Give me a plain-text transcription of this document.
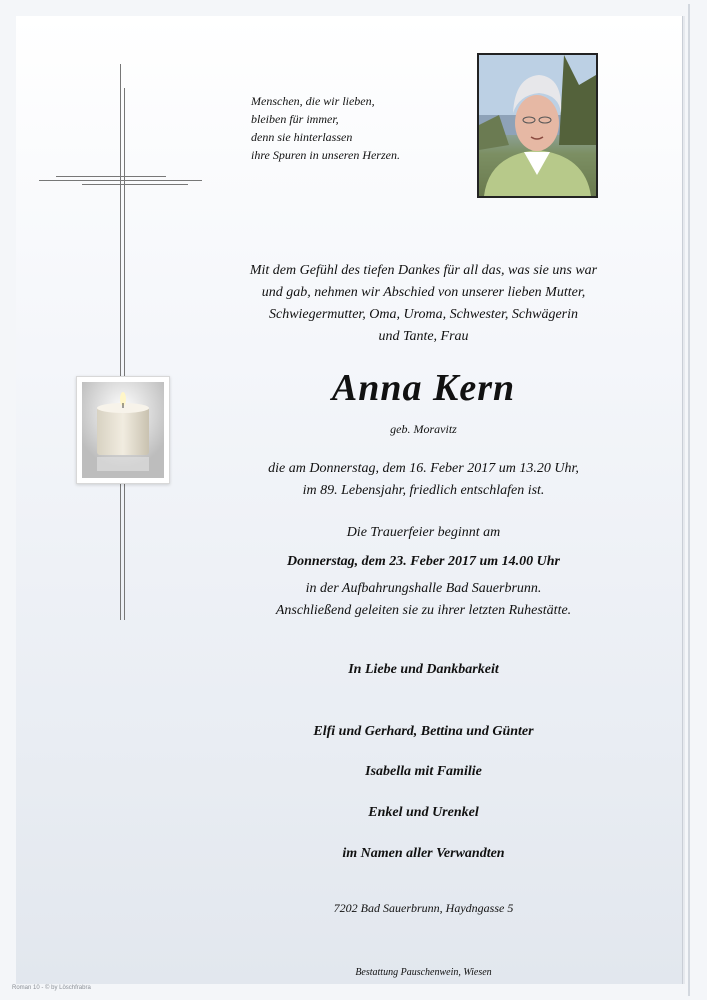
Menschen, die wir lieben,
bleiben für immer,
denn sie hinterlassen
ihre Spuren in unseren Herzen.
Mit dem Gefühl des tiefen Dankes für all das, was sie uns war
und gab, nehmen wir Abschied von unserer lieben Mutter,
Schwiegermutter, Oma, Uroma, Schwester, Schwägerin
und Tante, Frau
Anna Kern
geb. Moravitz
die am Donnerstag, dem 16. Feber 2017 um 13.20 Uhr,
im 89. Lebensjahr, friedlich entschlafen ist.
Die Trauerfeier beginnt am
Donnerstag, dem 23. Feber 2017 um 14.00 Uhr
in der Aufbahrungshalle Bad Sauerbrunn.
Anschließend geleiten sie zu ihrer letzten Ruhestätte.
In Liebe und Dankbarkeit
Elfi und Gerhard, Bettina und Günter
Isabella mit Familie
Enkel und Urenkel
im Namen aller Verwandten
7202 Bad Sauerbrunn, Haydngasse 5
Bestattung Pauschenwein, Wiesen
Roman 10 - © by Löschfrabra
